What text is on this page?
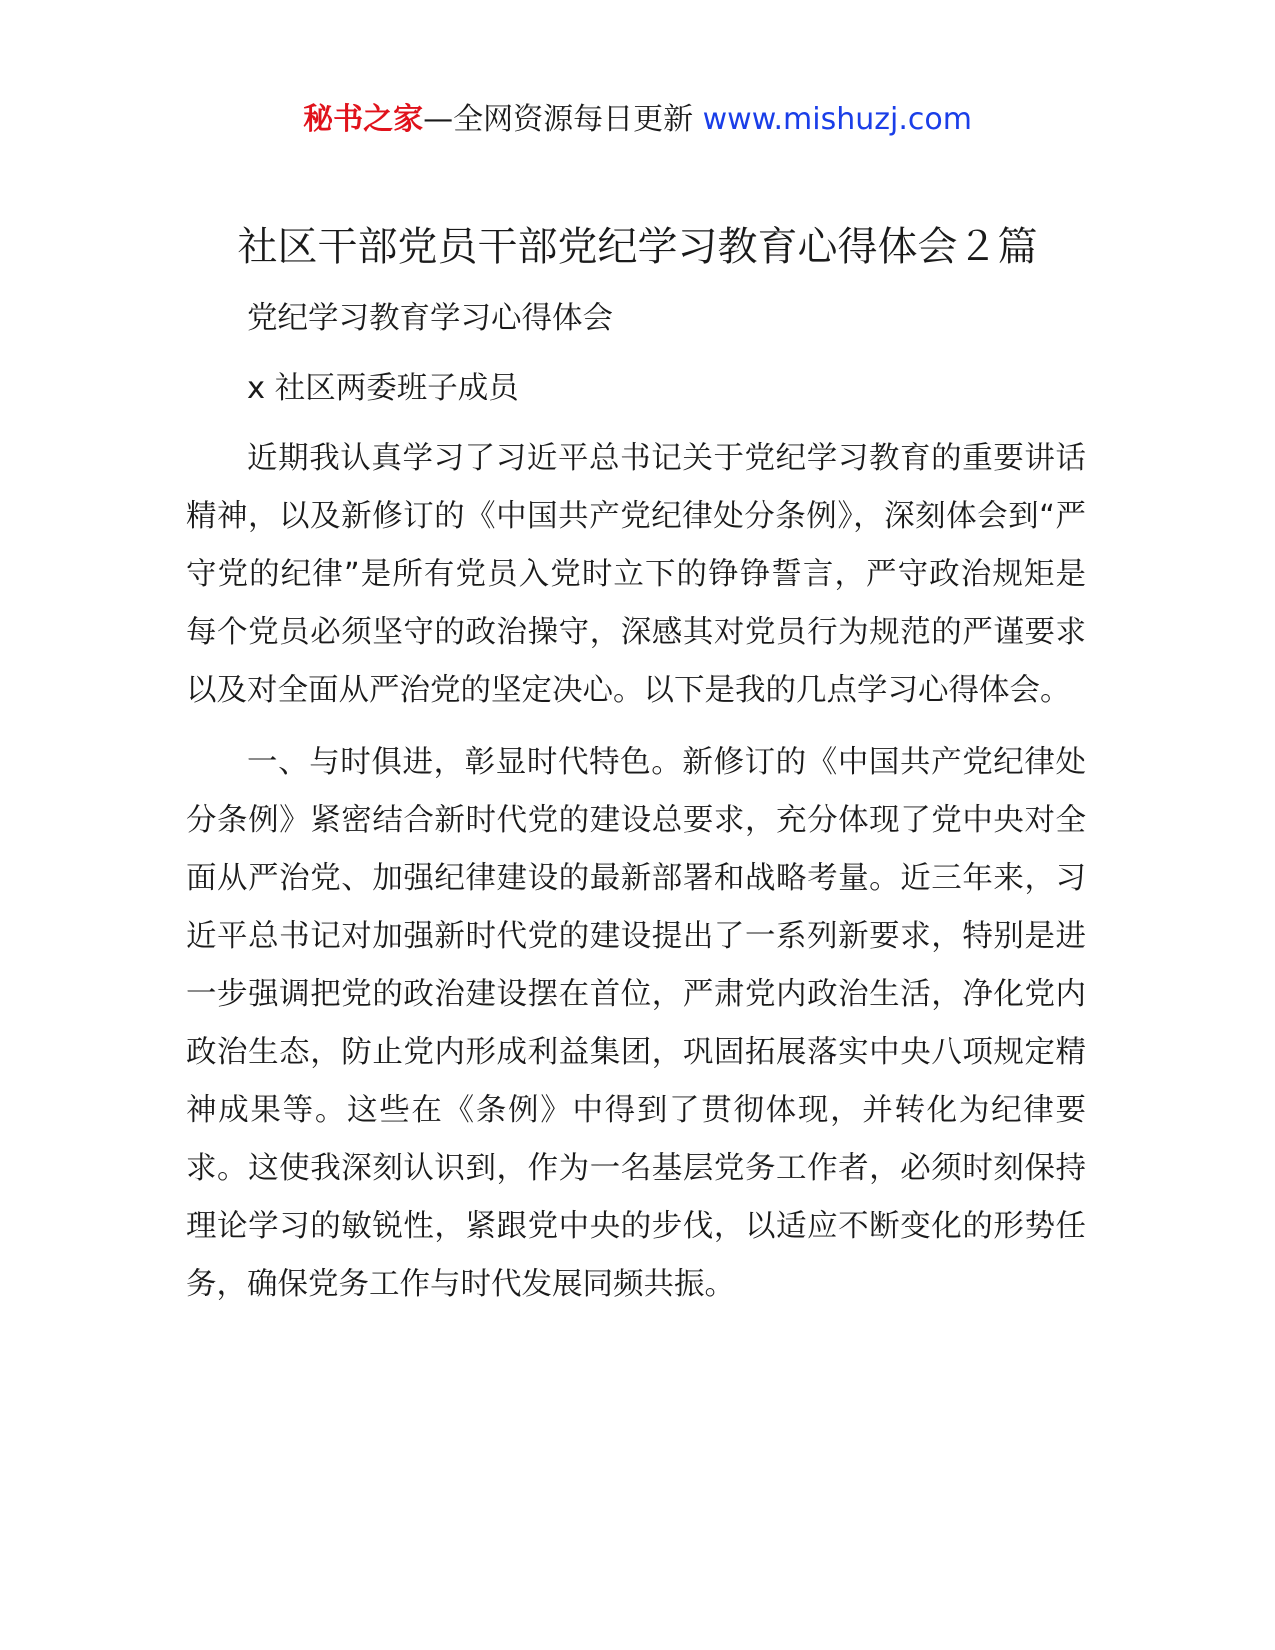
秘书之家—全网资源每日更新 www.mishuzj.com
社区干部党员干部党纪学习教育心得体会２篇

党纪学习教育学习心得体会

x 社区两委班子成员

近期我认真学习了习近平总书记关于党纪学习教育的重要讲话精神，以及新修订的《中国共产党纪律处分条例》，深刻体会到“严守党的纪律”是所有党员入党时立下的铮铮誓言，严守政治规矩是每个党员必须坚守的政治操守，深感其对党员行为规范的严谨要求以及对全面从严治党的坚定决心。以下是我的几点学习心得体会。

一、与时俱进，彰显时代特色。新修订的《中国共产党纪律处分条例》紧密结合新时代党的建设总要求，充分体现了党中央对全面从严治党、加强纪律建设的最新部署和战略考量。近三年来，习近平总书记对加强新时代党的建设提出了一系列新要求，特别是进一步强调把党的政治建设摆在首位，严肃党内政治生活，净化党内政治生态，防止党内形成利益集团，巩固拓展落实中央八项规定精神成果等。这些在《条例》中得到了贯彻体现，并转化为纪律要求。这使我深刻认识到，作为一名基层党务工作者，必须时刻保持理论学习的敏锐性，紧跟党中央的步伐，以适应不断变化的形势任务，确保党务工作与时代发展同频共振。
